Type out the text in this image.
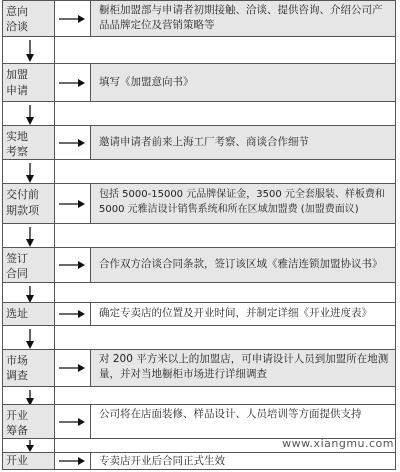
意向
洽谈
橱柜加盟部与申请者初期接触、洽谈、提供咨询、介绍公司产品品牌定位及营销策略等
加盟
申请
填写《加盟意向书》
实地
考察
邀请申请者前来上海工厂考察、商谈合作细节
交付前
期款项
包括 5000-15000 元品牌保证金，3500 元全套服装、样板费和 5000 元雅洁设计销售系统和所在区域加盟费 (加盟费面议)
签订
合同
合作双方洽谈合同条款，签订该区域《雅洁连锁加盟协议书》
选址	确定专卖店的位置及开业时间，并制定详细《开业进度表》
市场
调查
对 200 平方米以上的加盟店，可申请设计人员到加盟所在地测量，并对当地橱柜市场进行详细调查
开业
筹备
公司将在店面装修、样品设计、人员培训等方面提供支持
开业	专卖店开业后合同正式生效
www.xiangmu.com
